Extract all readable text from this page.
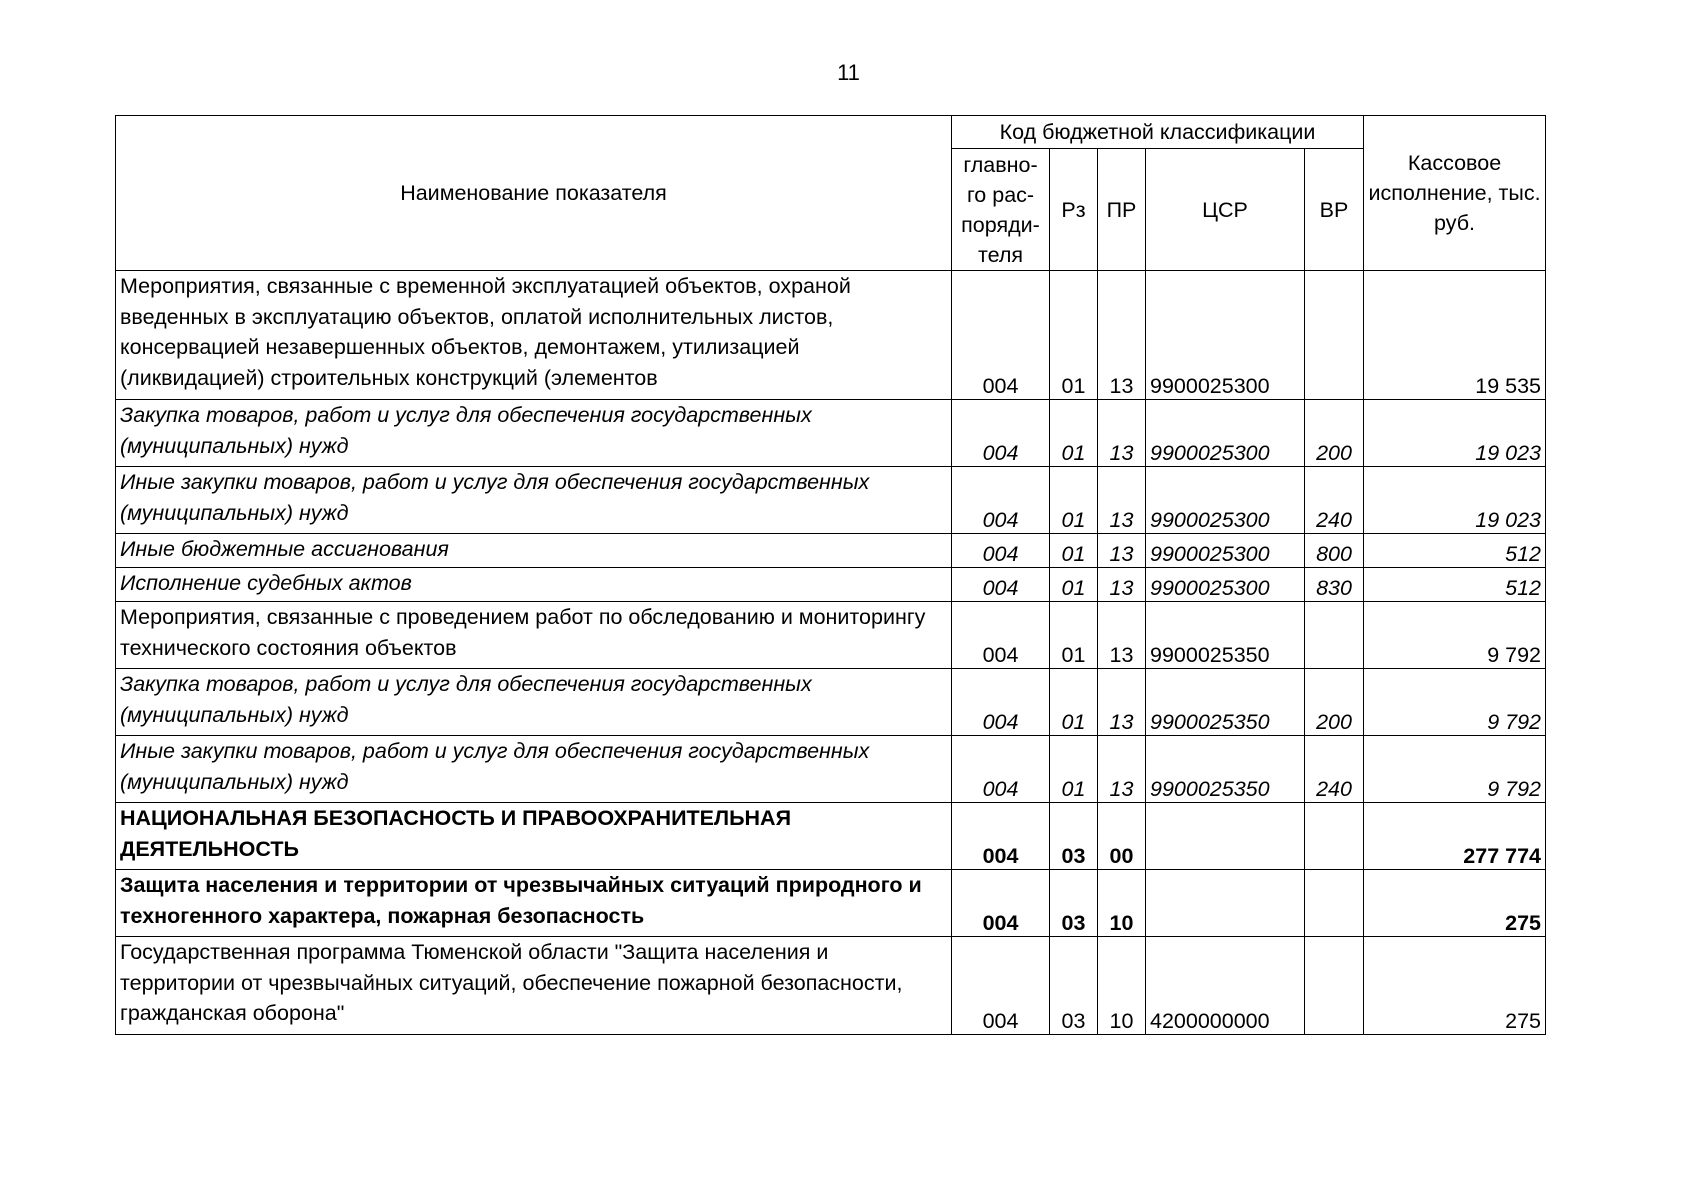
11
Наименование показателя	Код бюджетной классификации					Кассовое исполнение, тыс. руб.
	главно-го рас-поряди-теля	Рз	ПР	ЦСР	ВР	
Мероприятия, связанные с временной эксплуатацией объектов, охраной введенных в эксплуатацию объектов, оплатой исполнительных листов, консервацией незавершенных объектов, демонтажем, утилизацией (ликвидацией) строительных конструкций (элементов	004	01	13	9900025300		19 535
Закупка товаров, работ и услуг для обеспечения государственных (муниципальных) нужд	004	01	13	9900025300	200	19 023
Иные закупки товаров, работ и услуг для обеспечения государственных (муниципальных) нужд	004	01	13	9900025300	240	19 023
Иные бюджетные ассигнования	004	01	13	9900025300	800	512
Исполнение судебных актов	004	01	13	9900025300	830	512
Мероприятия, связанные с проведением работ по обследованию и мониторингу технического состояния объектов	004	01	13	9900025350		9 792
Закупка товаров, работ и услуг для обеспечения государственных (муниципальных) нужд	004	01	13	9900025350	200	9 792
Иные закупки товаров, работ и услуг для обеспечения государственных (муниципальных) нужд	004	01	13	9900025350	240	9 792
НАЦИОНАЛЬНАЯ БЕЗОПАСНОСТЬ И ПРАВООХРАНИТЕЛЬНАЯ ДЕЯТЕЛЬНОСТЬ	004	03	00			277 774
Защита населения и территории от чрезвычайных ситуаций природного и техногенного характера, пожарная безопасность	004	03	10			275
Государственная программа Тюменской области "Защита населения и территории от чрезвычайных ситуаций, обеспечение пожарной безопасности, гражданская оборона"	004	03	10	4200000000		275
